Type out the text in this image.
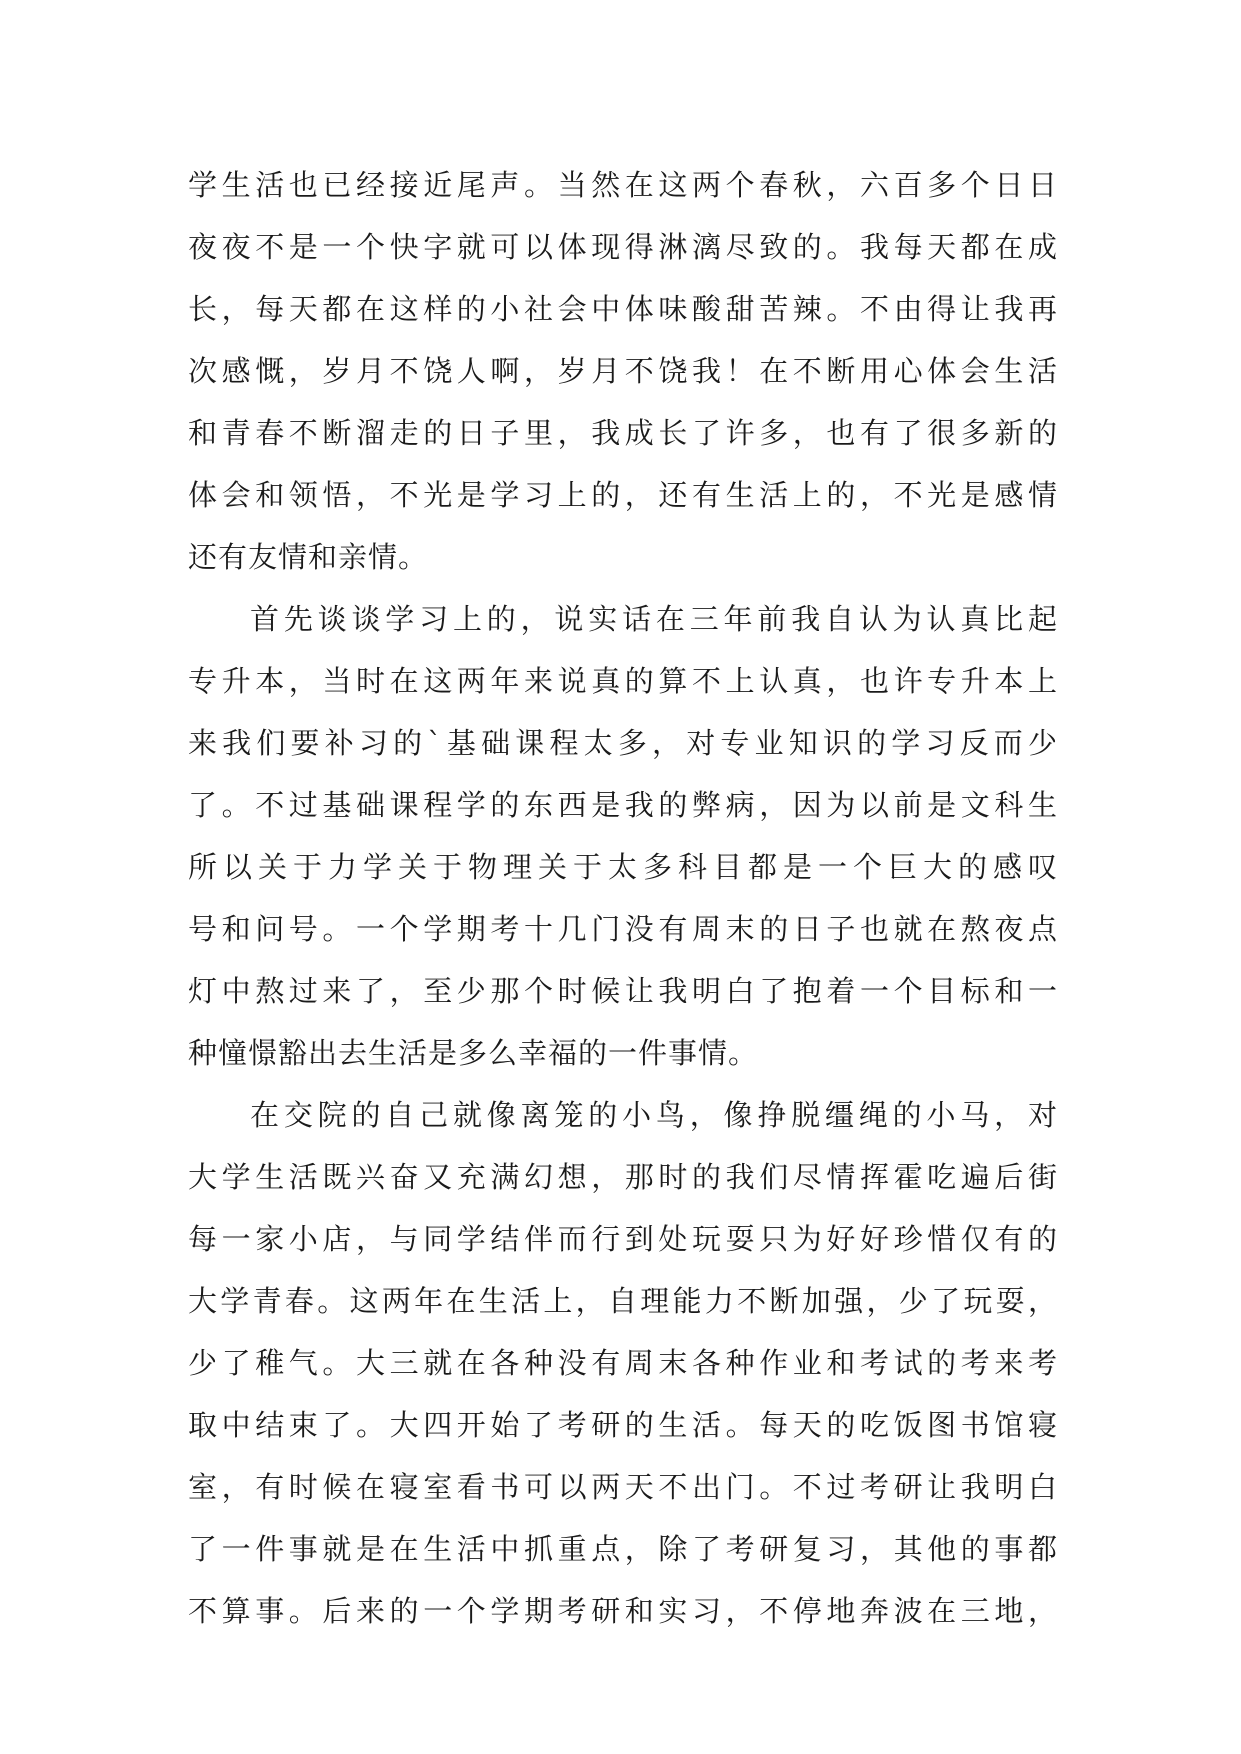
学生活也已经接近尾声。当然在这两个春秋，六百多个日日
夜夜不是一个快字就可以体现得淋漓尽致的。我每天都在成
长，每天都在这样的小社会中体味酸甜苦辣。不由得让我再
次感慨，岁月不饶人啊，岁月不饶我！在不断用心体会生活
和青春不断溜走的日子里，我成长了许多，也有了很多新的
体会和领悟，不光是学习上的，还有生活上的，不光是感情
还有友情和亲情。
首先谈谈学习上的，说实话在三年前我自认为认真比起
专升本，当时在这两年来说真的算不上认真，也许专升本上
来我们要补习的`基础课程太多，对专业知识的学习反而少
了。不过基础课程学的东西是我的弊病，因为以前是文科生
所以关于力学关于物理关于太多科目都是一个巨大的感叹
号和问号。一个学期考十几门没有周末的日子也就在熬夜点
灯中熬过来了，至少那个时候让我明白了抱着一个目标和一
种憧憬豁出去生活是多么幸福的一件事情。
在交院的自己就像离笼的小鸟，像挣脱缰绳的小马，对
大学生活既兴奋又充满幻想，那时的我们尽情挥霍吃遍后街
每一家小店，与同学结伴而行到处玩耍只为好好珍惜仅有的
大学青春。这两年在生活上，自理能力不断加强，少了玩耍，
少了稚气。大三就在各种没有周末各种作业和考试的考来考
取中结束了。大四开始了考研的生活。每天的吃饭图书馆寝
室，有时候在寝室看书可以两天不出门。不过考研让我明白
了一件事就是在生活中抓重点，除了考研复习，其他的事都
不算事。后来的一个学期考研和实习，不停地奔波在三地，
